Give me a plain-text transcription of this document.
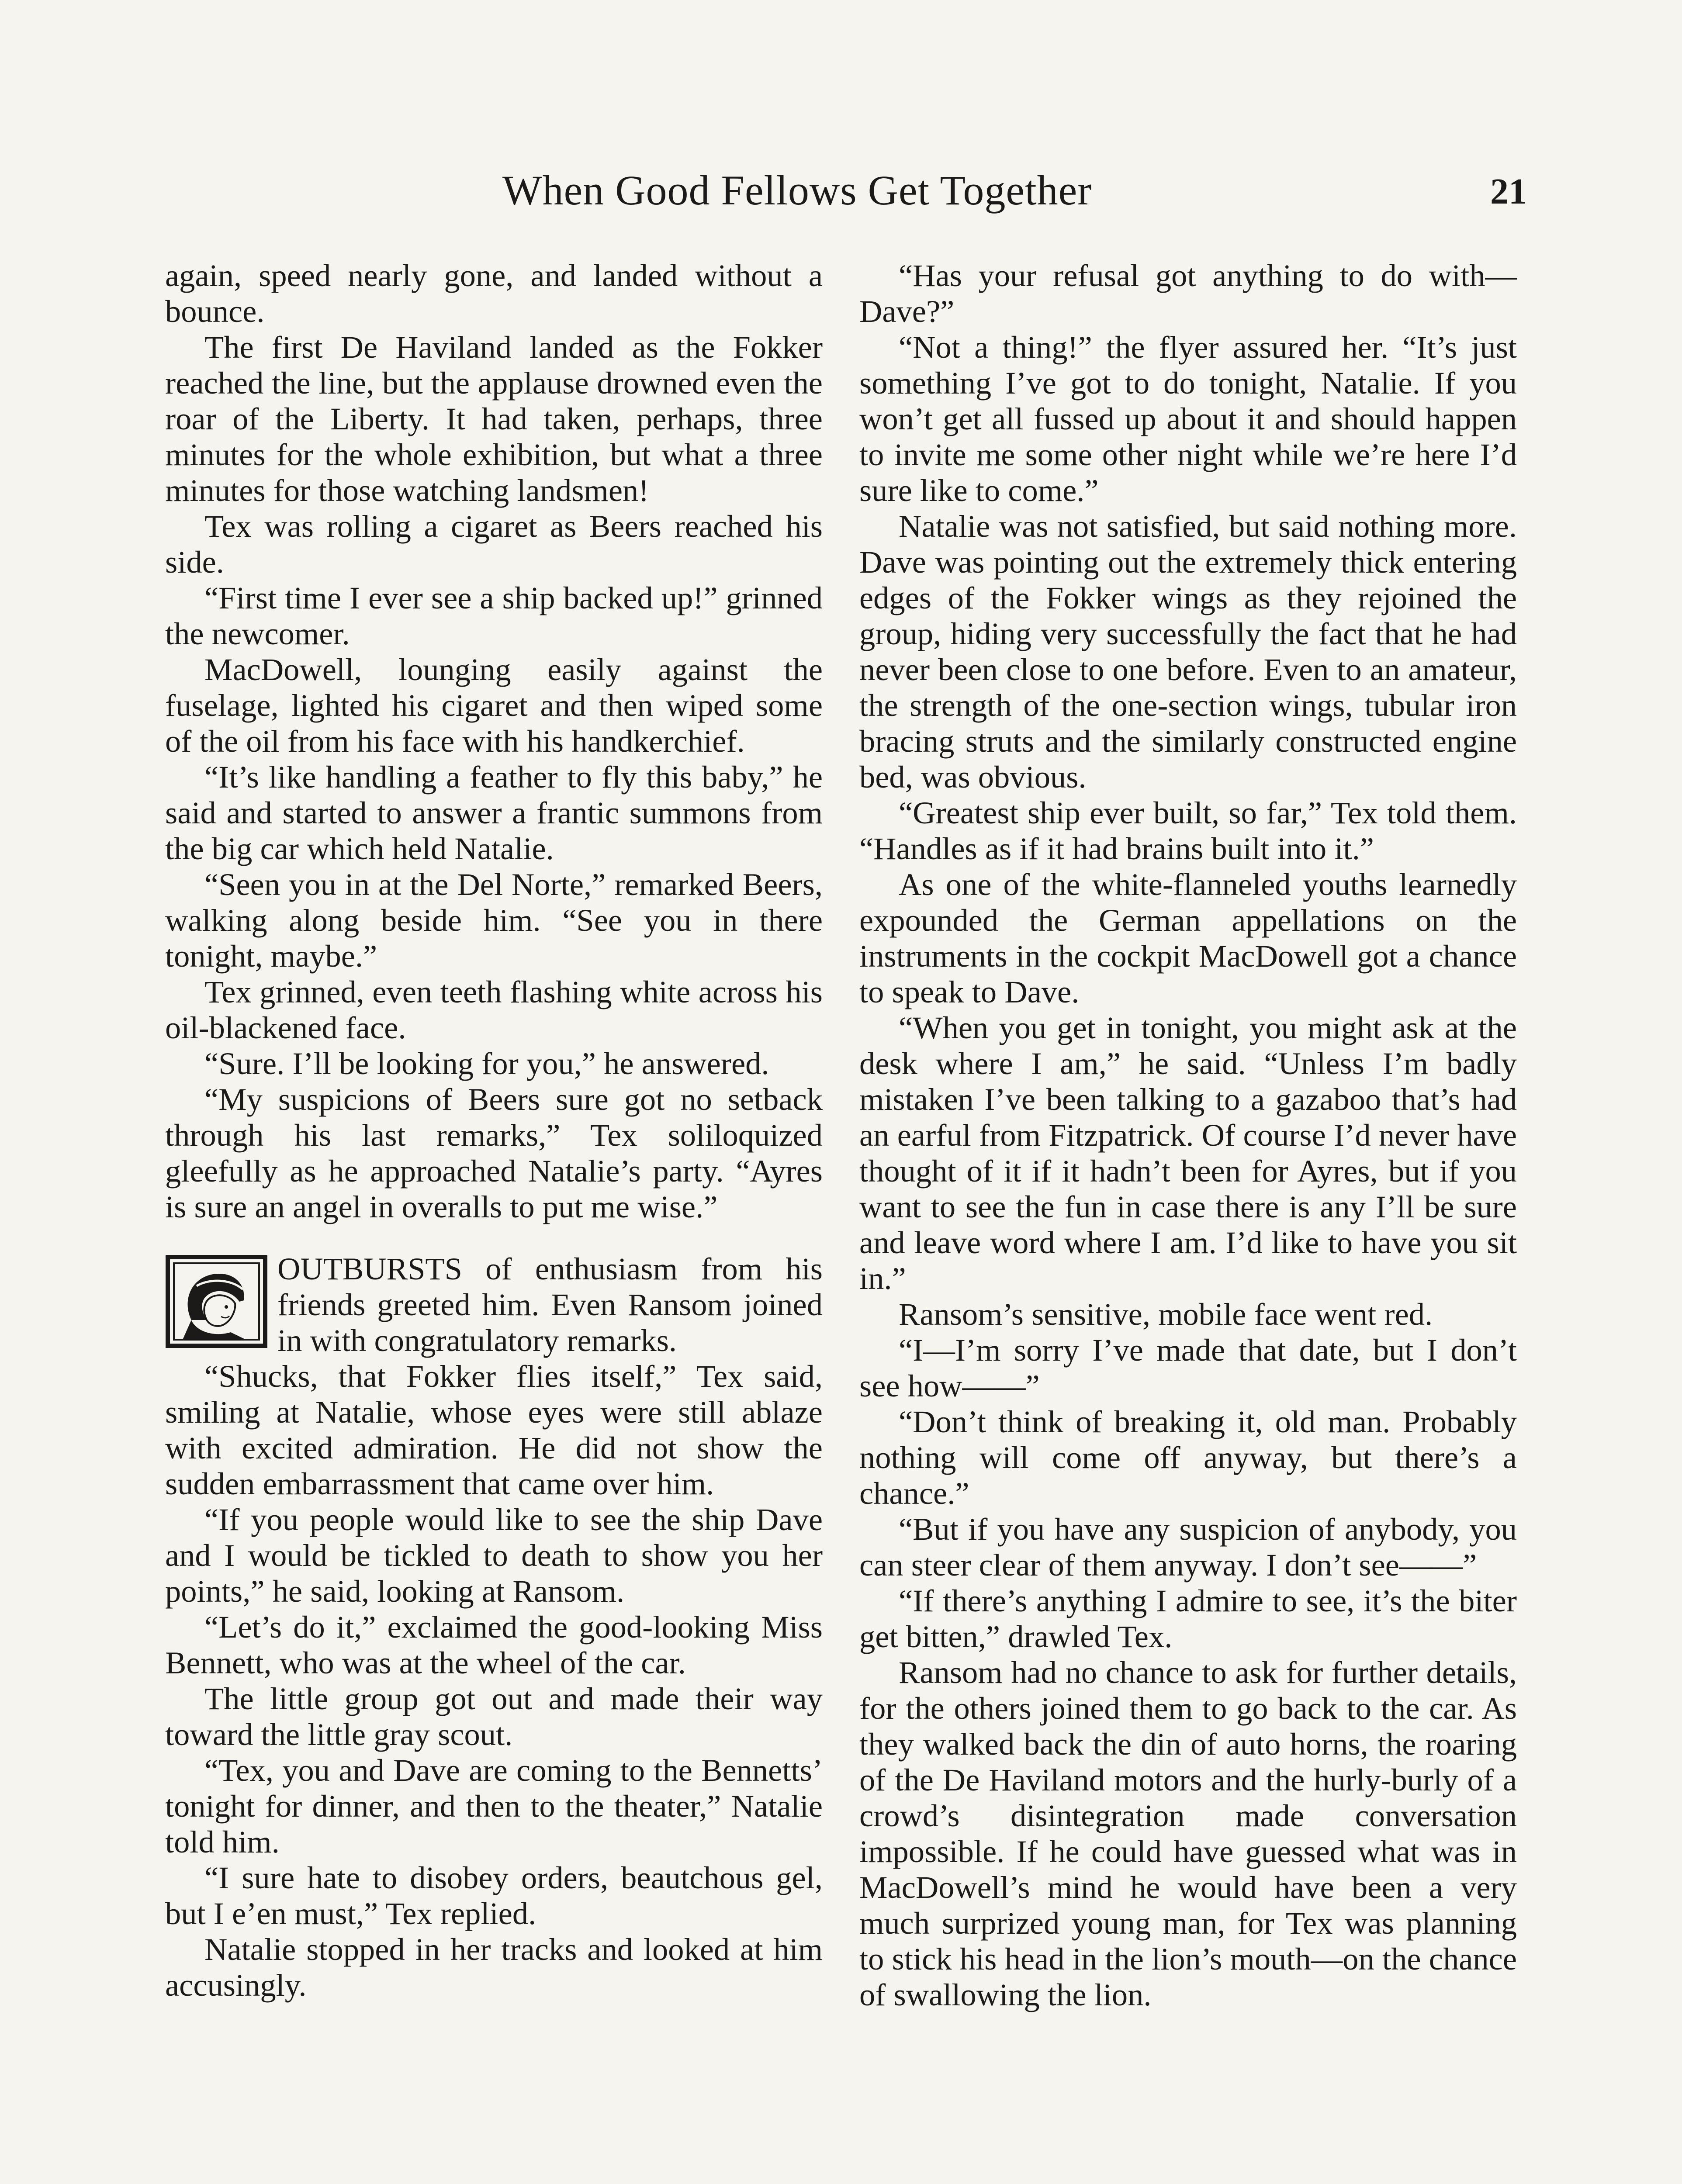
When Good Fellows Get Together	21

again, speed nearly gone, and landed without a bounce.

The first De Haviland landed as the Fokker reached the line, but the applause drowned even the roar of the Liberty. It had taken, perhaps, three minutes for the whole exhibition, but what a three minutes for those watching landsmen!

Tex was rolling a cigaret as Beers reached his side.

“First time I ever see a ship backed up!” grinned the newcomer.

MacDowell, lounging easily against the fuselage, lighted his cigaret and then wiped some of the oil from his face with his handkerchief.

“It’s like handling a feather to fly this baby,” he said and started to answer a frantic summons from the big car which held Natalie.

“Seen you in at the Del Norte,” remarked Beers, walking along beside him. “See you in there tonight, maybe.”

Tex grinned, even teeth flashing white across his oil-blackened face.

“Sure. I’ll be looking for you,” he answered.

“My suspicions of Beers sure got no setback through his last remarks,” Tex soliloquized gleefully as he approached Natalie’s party. “Ayres is sure an angel in overalls to put me wise.”

OUTBURSTS of enthusiasm from his friends greeted him. Even Ransom joined in with congratulatory remarks.

“Shucks, that Fokker flies itself,” Tex said, smiling at Natalie, whose eyes were still ablaze with excited admiration. He did not show the sudden embarrassment that came over him.

“If you people would like to see the ship Dave and I would be tickled to death to show you her points,” he said, looking at Ransom.

“Let’s do it,” exclaimed the good-looking Miss Bennett, who was at the wheel of the car.

The little group got out and made their way toward the little gray scout.

“Tex, you and Dave are coming to the Bennetts’ tonight for dinner, and then to the theater,” Natalie told him.

“I sure hate to disobey orders, beautchous gel, but I e’en must,” Tex replied.

Natalie stopped in her tracks and looked at him accusingly.

“Has your refusal got anything to do with—Dave?”

“Not a thing!” the flyer assured her. “It’s just something I’ve got to do tonight, Natalie. If you won’t get all fussed up about it and should happen to invite me some other night while we’re here I’d sure like to come.”

Natalie was not satisfied, but said nothing more. Dave was pointing out the extremely thick entering edges of the Fokker wings as they rejoined the group, hiding very successfully the fact that he had never been close to one before. Even to an amateur, the strength of the one-section wings, tubular iron bracing struts and the similarly constructed engine bed, was obvious.

“Greatest ship ever built, so far,” Tex told them. “Handles as if it had brains built into it.”

As one of the white-flanneled youths learnedly expounded the German appellations on the instruments in the cockpit MacDowell got a chance to speak to Dave.

“When you get in tonight, you might ask at the desk where I am,” he said. “Unless I’m badly mistaken I’ve been talking to a gazaboo that’s had an earful from Fitzpatrick. Of course I’d never have thought of it if it hadn’t been for Ayres, but if you want to see the fun in case there is any I’ll be sure and leave word where I am. I’d like to have you sit in.”

Ransom’s sensitive, mobile face went red.

“I—I’m sorry I’ve made that date, but I don’t see how——”

“Don’t think of breaking it, old man. Probably nothing will come off anyway, but there’s a chance.”

“But if you have any suspicion of anybody, you can steer clear of them anyway. I don’t see——”

“If there’s anything I admire to see, it’s the biter get bitten,” drawled Tex.

Ransom had no chance to ask for further details, for the others joined them to go back to the car. As they walked back the din of auto horns, the roaring of the De Haviland motors and the hurly-burly of a crowd’s disintegration made conversation impossible. If he could have guessed what was in MacDowell’s mind he would have been a very much surprized young man, for Tex was planning to stick his head in the lion’s mouth—on the chance of swallowing the lion.
